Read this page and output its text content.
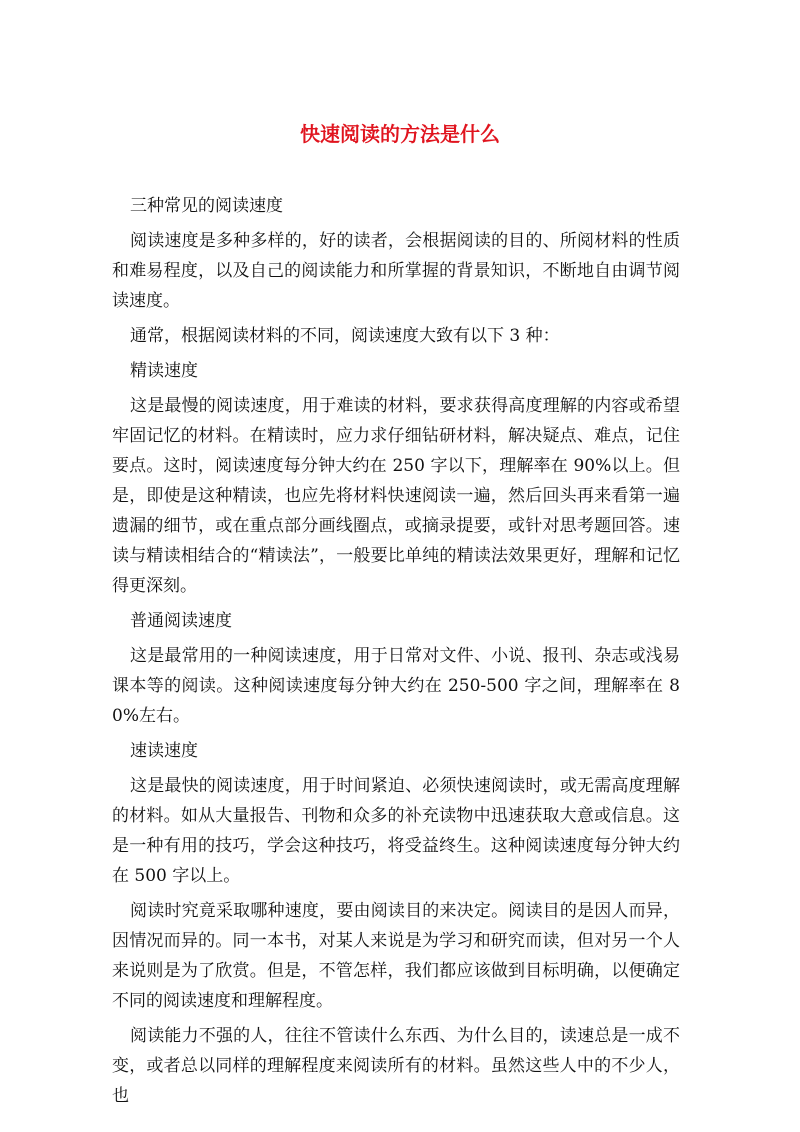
快速阅读的方法是什么

三种常见的阅读速度

阅读速度是多种多样的，好的读者，会根据阅读的目的、所阅材料的性质和难易程度，以及自己的阅读能力和所掌握的背景知识，不断地自由调节阅读速度。

通常，根据阅读材料的不同，阅读速度大致有以下 3 种：

精读速度

这是最慢的阅读速度，用于难读的材料，要求获得高度理解的内容或希望牢固记忆的材料。在精读时，应力求仔细钻研材料，解决疑点、难点，记住要点。这时，阅读速度每分钟大约在 250 字以下，理解率在 90%以上。但是，即使是这种精读，也应先将材料快速阅读一遍，然后回头再来看第一遍遗漏的细节，或在重点部分画线圈点，或摘录提要，或针对思考题回答。速读与精读相结合的“精读法”，一般要比单纯的精读法效果更好，理解和记忆得更深刻。

普通阅读速度

这是最常用的一种阅读速度，用于日常对文件、小说、报刊、杂志或浅易课本等的阅读。这种阅读速度每分钟大约在 250-500 字之间，理解率在 80%左右。

速读速度

这是最快的阅读速度，用于时间紧迫、必须快速阅读时，或无需高度理解的材料。如从大量报告、刊物和众多的补充读物中迅速获取大意或信息。这是一种有用的技巧，学会这种技巧，将受益终生。这种阅读速度每分钟大约在 500 字以上。

阅读时究竟采取哪种速度，要由阅读目的来决定。阅读目的是因人而异，因情况而异的。同一本书，对某人来说是为学习和研究而读，但对另一个人来说则是为了欣赏。但是，不管怎样，我们都应该做到目标明确，以便确定不同的阅读速度和理解程度。

阅读能力不强的人，往往不管读什么东西、为什么目的，读速总是一成不变，或者总以同样的理解程度来阅读所有的材料。虽然这些人中的不少人，也
